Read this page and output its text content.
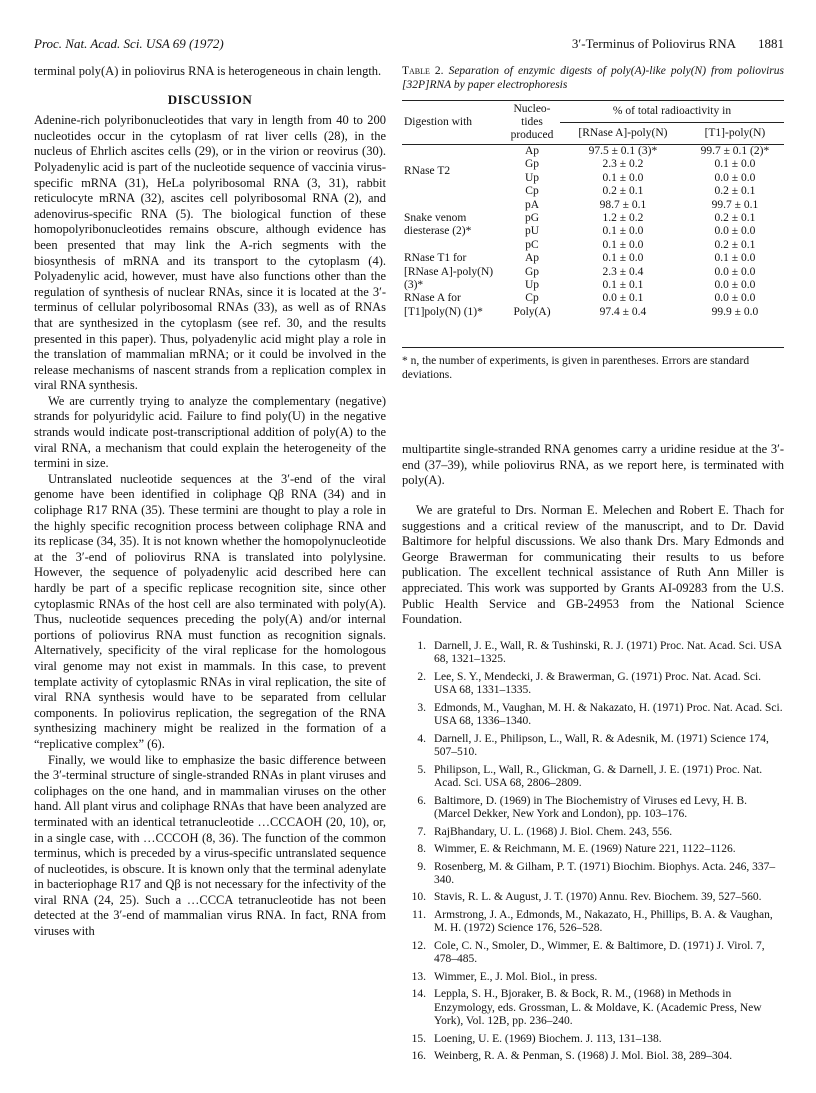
Proc. Nat. Acad. Sci. USA 69 (1972)	3′-Terminus of Poliovirus RNA 1881

terminal poly(A) in poliovirus RNA is heterogeneous in chain length.

DISCUSSION

Adenine-rich polyribonucleotides that vary in length from 40 to 200 nucleotides occur in the cytoplasm of rat liver cells (28), in the nucleus of Ehrlich ascites cells (29), or in the virion or reovirus (30). Polyadenylic acid is part of the nucleotide sequence of vaccinia virus-specific mRNA (31), HeLa polyribosomal RNA (3, 31), rabbit reticulocyte mRNA (32), ascites cell polyribosomal RNA (2), and adenovirus-specific RNA (5). The biological function of these homopolyribonucleotides remains obscure, although evidence has been presented that may link the A-rich segments with the biosynthesis of mRNA and its transport to the cytoplasm (4). Polyadenylic acid, however, must have also functions other than the regulation of synthesis of nuclear RNAs, since it is located at the 3′-terminus of cellular polyribosomal RNAs (33), as well as of RNAs that are synthesized in the cytoplasm (see ref. 30, and the results presented in this paper). Thus, polyadenylic acid might play a role in the translation of mammalian mRNA; or it could be involved in the release mechanisms of nascent strands from a replication complex in viral RNA synthesis.

We are currently trying to analyze the complementary (negative) strands for polyuridylic acid. Failure to find poly(U) in the negative strands would indicate post-transcriptional addition of poly(A) to the viral RNA, a mechanism that could explain the heterogeneity of the termini in size.

Untranslated nucleotide sequences at the 3′-end of the viral genome have been identified in coliphage Qβ RNA (34) and in coliphage R17 RNA (35). These termini are thought to play a role in the highly specific recognition process between coliphage RNA and its replicase (34, 35). It is not known whether the homopolynucleotide at the 3′-end of poliovirus RNA is translated into polylysine. However, the sequence of polyadenylic acid described here can hardly be part of a specific replicase recognition site, since other cytoplasmic RNAs of the host cell are also terminated with poly(A). Thus, nucleotide sequences preceding the poly(A) and/or internal portions of poliovirus RNA must function as recognition signals. Alternatively, specificity of the viral replicase for the homologous viral genome may not exist in mammals. In this case, to prevent template activity of cytoplasmic RNAs in viral replication, the site of viral RNA synthesis would have to be separated from cellular components. In poliovirus replication, the segregation of the RNA synthesizing machinery might be realized in the formation of a “replicative complex” (6).

Finally, we would like to emphasize the basic difference between the 3′-terminal structure of single-stranded RNAs in plant viruses and coliphages on the one hand, and in mammalian viruses on the other hand. All plant virus and coliphage RNAs that have been analyzed are terminated with an identical tetranucleotide …CCCAOH (20, 10), or, in a single case, with …CCCOH (8, 36). The function of the common terminus, which is preceded by a virus-specific untranslated sequence of nucleotides, is obscure. It is known only that the terminal adenylate in bacteriophage R17 and Qβ is not necessary for the infectivity of the viral RNA (24, 25). Such a …CCCA tetranucleotide has not been detected at the 3′-end of mammalian virus RNA. In fact, RNA from viruses with

Table 2. Separation of enzymic digests of poly(A)-like poly(N) from poliovirus [32P]RNA by paper electrophoresis
Digestion with	Nucleo-tides produced	% of total radioactivity in	
		[RNase A]-poly(N)	[T1]-poly(N)
RNase T2	Ap	97.5 ± 0.1 (3)*	99.7 ± 0.1 (2)*
	Gp	2.3 ± 0.2	0.1 ± 0.0
	Up	0.1 ± 0.0	0.0 ± 0.0
	Cp	0.2 ± 0.1	0.2 ± 0.1
Snake venom diesterase (2)*	pA	98.7 ± 0.1	99.7 ± 0.1
	pG	1.2 ± 0.2	0.2 ± 0.1
	pU	0.1 ± 0.0	0.0 ± 0.0
	pC	0.1 ± 0.0	0.2 ± 0.1
RNase T1 for [RNase A]-poly(N) (3)*	Ap	0.1 ± 0.0	0.1 ± 0.0
	Gp	2.3 ± 0.4	0.0 ± 0.0
	Up	0.1 ± 0.1	0.0 ± 0.0
RNase A for [T1]poly(N) (1)*	Cp	0.0 ± 0.1	0.0 ± 0.0
	Poly(A)	97.4 ± 0.4	99.9 ± 0.0
* n, the number of experiments, is given in parentheses. Errors are standard deviations.

multipartite single-stranded RNA genomes carry a uridine residue at the 3′-end (37–39), while poliovirus RNA, as we report here, is terminated with poly(A).

We are grateful to Drs. Norman E. Melechen and Robert E. Thach for suggestions and a critical review of the manuscript, and to Dr. David Baltimore for helpful discussions. We also thank Drs. Mary Edmonds and George Brawerman for communicating their results to us before publication. The excellent technical assistance of Ruth Ann Miller is appreciated. This work was supported by Grants AI-09283 from the U.S. Public Health Service and GB-24953 from the National Science Foundation.

1. Darnell, J. E., Wall, R. & Tushinski, R. J. (1971) Proc. Nat. Acad. Sci. USA 68, 1321–1325.
2. Lee, S. Y., Mendecki, J. & Brawerman, G. (1971) Proc. Nat. Acad. Sci. USA 68, 1331–1335.
3. Edmonds, M., Vaughan, M. H. & Nakazato, H. (1971) Proc. Nat. Acad. Sci. USA 68, 1336–1340.
4. Darnell, J. E., Philipson, L., Wall, R. & Adesnik, M. (1971) Science 174, 507–510.
5. Philipson, L., Wall, R., Glickman, G. & Darnell, J. E. (1971) Proc. Nat. Acad. Sci. USA 68, 2806–2809.
6. Baltimore, D. (1969) in The Biochemistry of Viruses ed Levy, H. B. (Marcel Dekker, New York and London), pp. 103–176.
7. RajBhandary, U. L. (1968) J. Biol. Chem. 243, 556.
8. Wimmer, E. & Reichmann, M. E. (1969) Nature 221, 1122–1126.
9. Rosenberg, M. & Gilham, P. T. (1971) Biochim. Biophys. Acta. 246, 337–340.
10. Stavis, R. L. & August, J. T. (1970) Annu. Rev. Biochem. 39, 527–560.
11. Armstrong, J. A., Edmonds, M., Nakazato, H., Phillips, B. A. & Vaughan, M. H. (1972) Science 176, 526–528.
12. Cole, C. N., Smoler, D., Wimmer, E. & Baltimore, D. (1971) J. Virol. 7, 478–485.
13. Wimmer, E., J. Mol. Biol., in press.
14. Leppla, S. H., Bjoraker, B. & Bock, R. M., (1968) in Methods in Enzymology, eds. Grossman, L. & Moldave, K. (Academic Press, New York), Vol. 12B, pp. 236–240.
15. Loening, U. E. (1969) Biochem. J. 113, 131–138.
16. Weinberg, R. A. & Penman, S. (1968) J. Mol. Biol. 38, 289–304.
